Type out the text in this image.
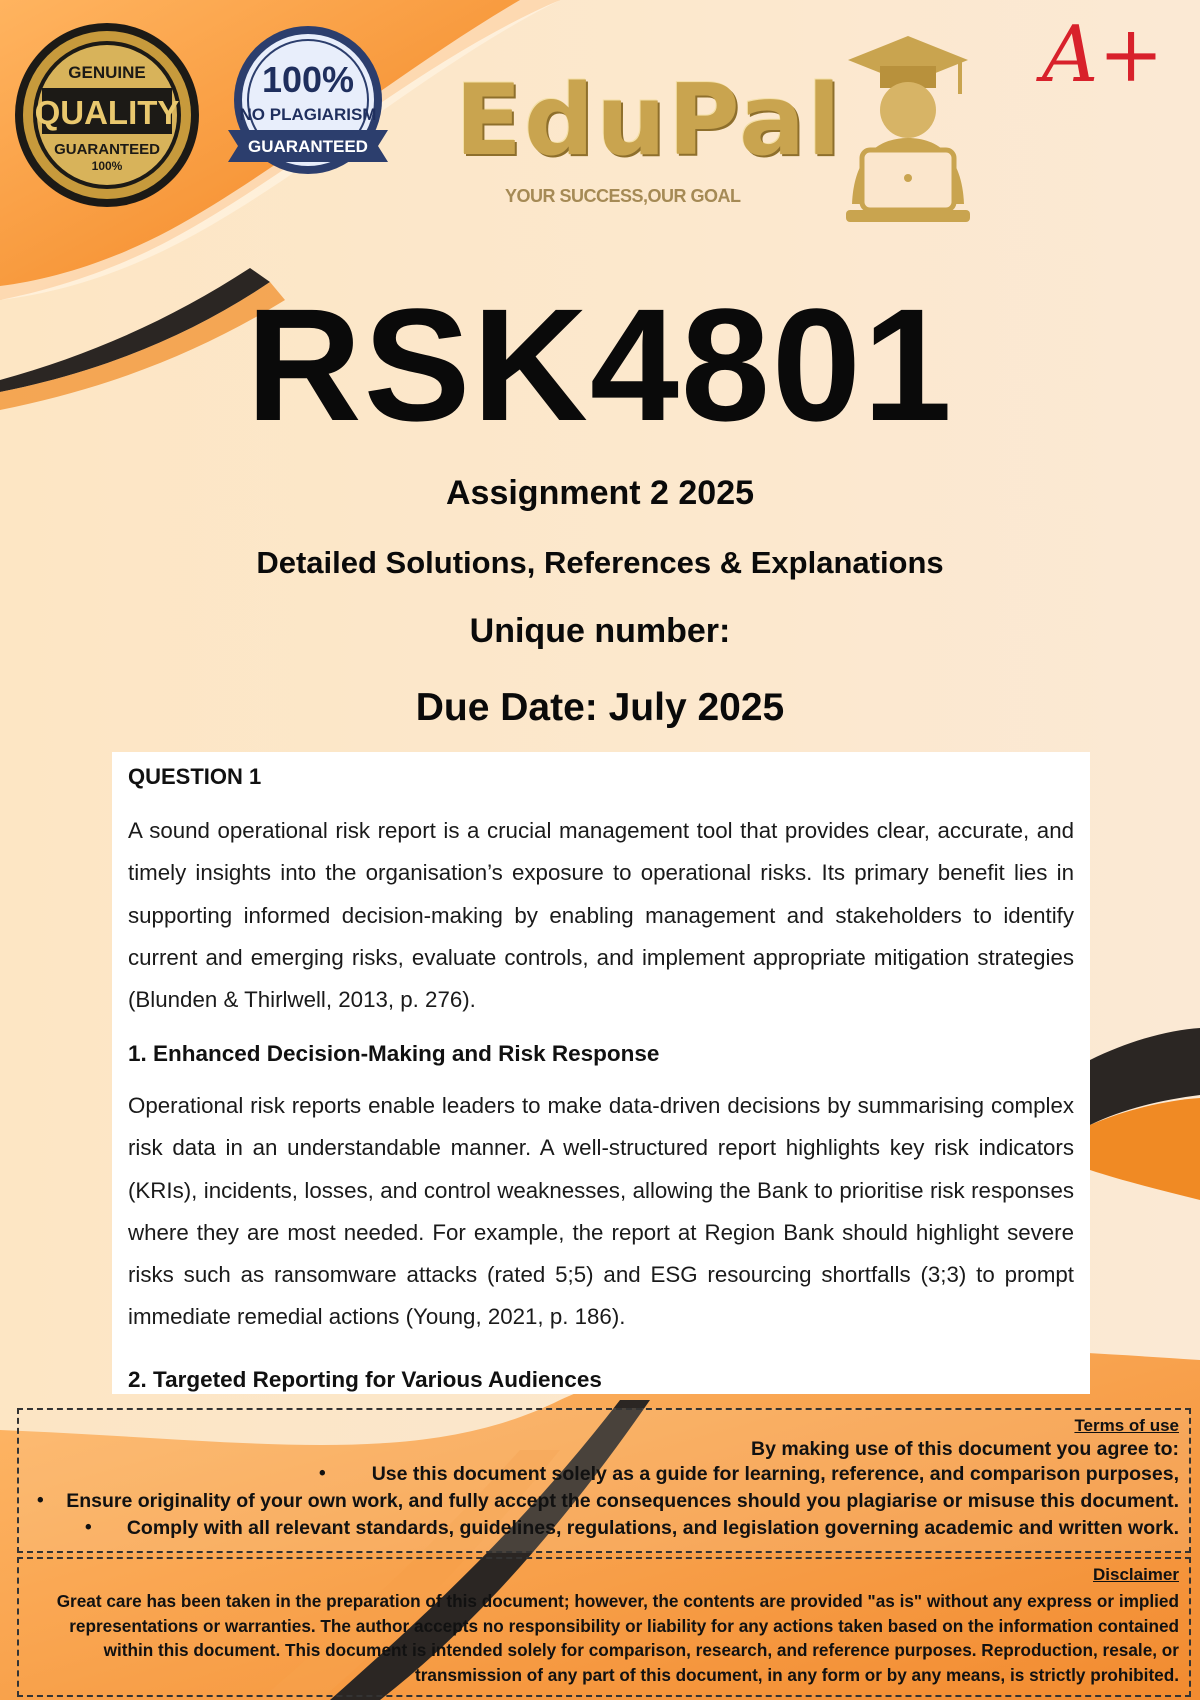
GENUINE
QUALITY
GUARANTEED
100%
100%
NO PLAGIARISM
GUARANTEED EduPal
YOUR SUCCESS,OUR GOAL
A+
RSK4801
Assignment 2 2025
Detailed Solutions, References & Explanations
Unique number:
Due Date: July 2025
QUESTION 1
A sound operational risk report is a crucial management tool that provides clear, accurate, and timely insights into the organisation’s exposure to operational risks. Its primary benefit lies in supporting informed decision-making by enabling management and stakeholders to identify current and emerging risks, evaluate controls, and implement appropriate mitigation strategies (Blunden & Thirlwell, 2013, p. 276).
1. Enhanced Decision-Making and Risk Response
Operational risk reports enable leaders to make data-driven decisions by summarising complex risk data in an understandable manner. A well-structured report highlights key risk indicators (KRIs), incidents, losses, and control weaknesses, allowing the Bank to prioritise risk responses where they are most needed. For example, the report at Region Bank should highlight severe risks such as ransomware attacks (rated 5;5) and ESG resourcing shortfalls (3;3) to prompt immediate remedial actions (Young, 2021, p. 186).
2. Targeted Reporting for Various Audiences
Terms of use
By making use of this document you agree to:
• Use this document solely as a guide for learning, reference, and comparison purposes,
• Ensure originality of your own work, and fully accept the consequences should you plagiarise or misuse this document.
• Comply with all relevant standards, guidelines, regulations, and legislation governing academic and written work.
Disclaimer
Great care has been taken in the preparation of this document; however, the contents are provided "as is" without any express or implied representations or warranties. The author accepts no responsibility or liability for any actions taken based on the information contained within this document. This document is intended solely for comparison, research, and reference purposes. Reproduction, resale, or transmission of any part of this document, in any form or by any means, is strictly prohibited.
